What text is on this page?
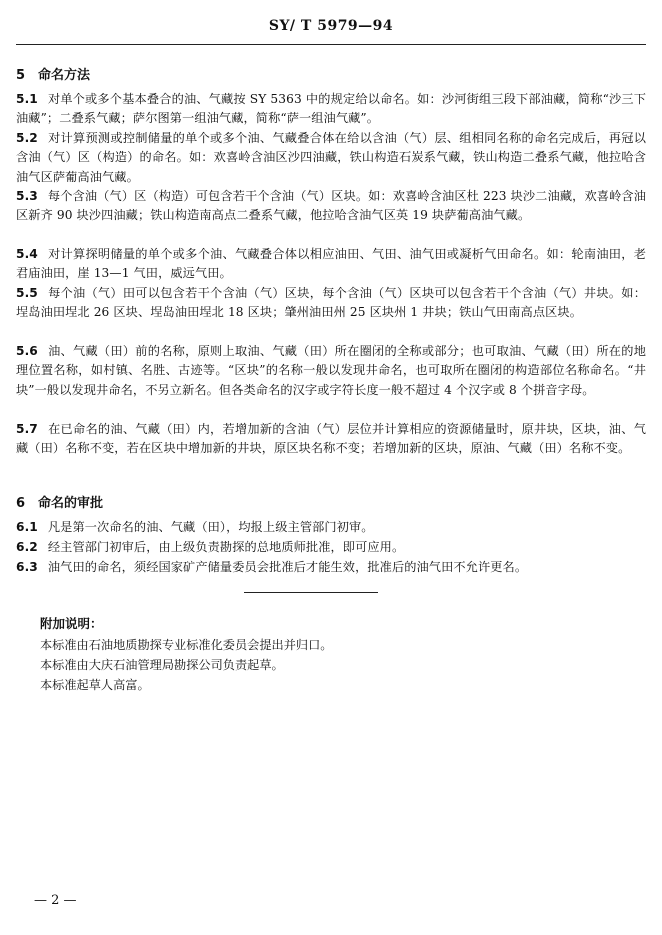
SY/ T 5979—94
5 命名方法
5.1 对单个或多个基本叠合的油、气藏按 SY 5363 中的规定给以命名。如：沙河街组三段下部油藏，简称“沙三下油藏”；二叠系气藏；萨尔图第一组油气藏，简称“萨一组油气藏”。
5.2 对计算预测或控制储量的单个或多个油、气藏叠合体在给以含油（气）层、组相同名称的命名完成后，再冠以含油（气）区（构造）的命名。如：欢喜岭含油区沙四油藏，铁山构造石炭系气藏，铁山构造二叠系气藏，他拉哈含油气区萨葡高油气藏。
5.3 每个含油（气）区（构造）可包含若干个含油（气）区块。如：欢喜岭含油区杜 223 块沙二油藏，欢喜岭含油区新齐 90 块沙四油藏；铁山构造南高点二叠系气藏，他拉哈含油气区英 19 块萨葡高油气藏。
5.4 对计算探明储量的单个或多个油、气藏叠合体以相应油田、气田、油气田或凝析气田命名。如：轮南油田，老君庙油田，崖 13—1 气田，威远气田。
5.5 每个油（气）田可以包含若干个含油（气）区块，每个含油（气）区块可以包含若干个含油（气）井块。如：埕岛油田埕北 26 区块、埕岛油田埕北 18 区块；肇州油田州 25 区块州 1 井块；铁山气田南高点区块。
5.6 油、气藏（田）前的名称，原则上取油、气藏（田）所在圈闭的全称或部分；也可取油、气藏（田）所在的地理位置名称，如村镇、名胜、古迹等。“区块”的名称一般以发现井命名，也可取所在圈闭的构造部位名称命名。“井块”一般以发现井命名，不另立新名。但各类命名的汉字或字符长度一般不超过 4 个汉字或 8 个拼音字母。
5.7 在已命名的油、气藏（田）内，若增加新的含油（气）层位并计算相应的资源储量时，原井块，区块，油、气藏（田）名称不变，若在区块中增加新的井块，原区块名称不变；若增加新的区块，原油、气藏（田）名称不变。
6 命名的审批
6.1 凡是第一次命名的油、气藏（田），均报上级主管部门初审。
6.2 经主管部门初审后，由上级负责勘探的总地质师批准，即可应用。
6.3 油气田的命名，须经国家矿产储量委员会批准后才能生效，批准后的油气田不允许更名。
附加说明：
本标准由石油地质勘探专业标准化委员会提出并归口。
本标准由大庆石油管理局勘探公司负责起草。
本标准起草人高富。
— 2 —
